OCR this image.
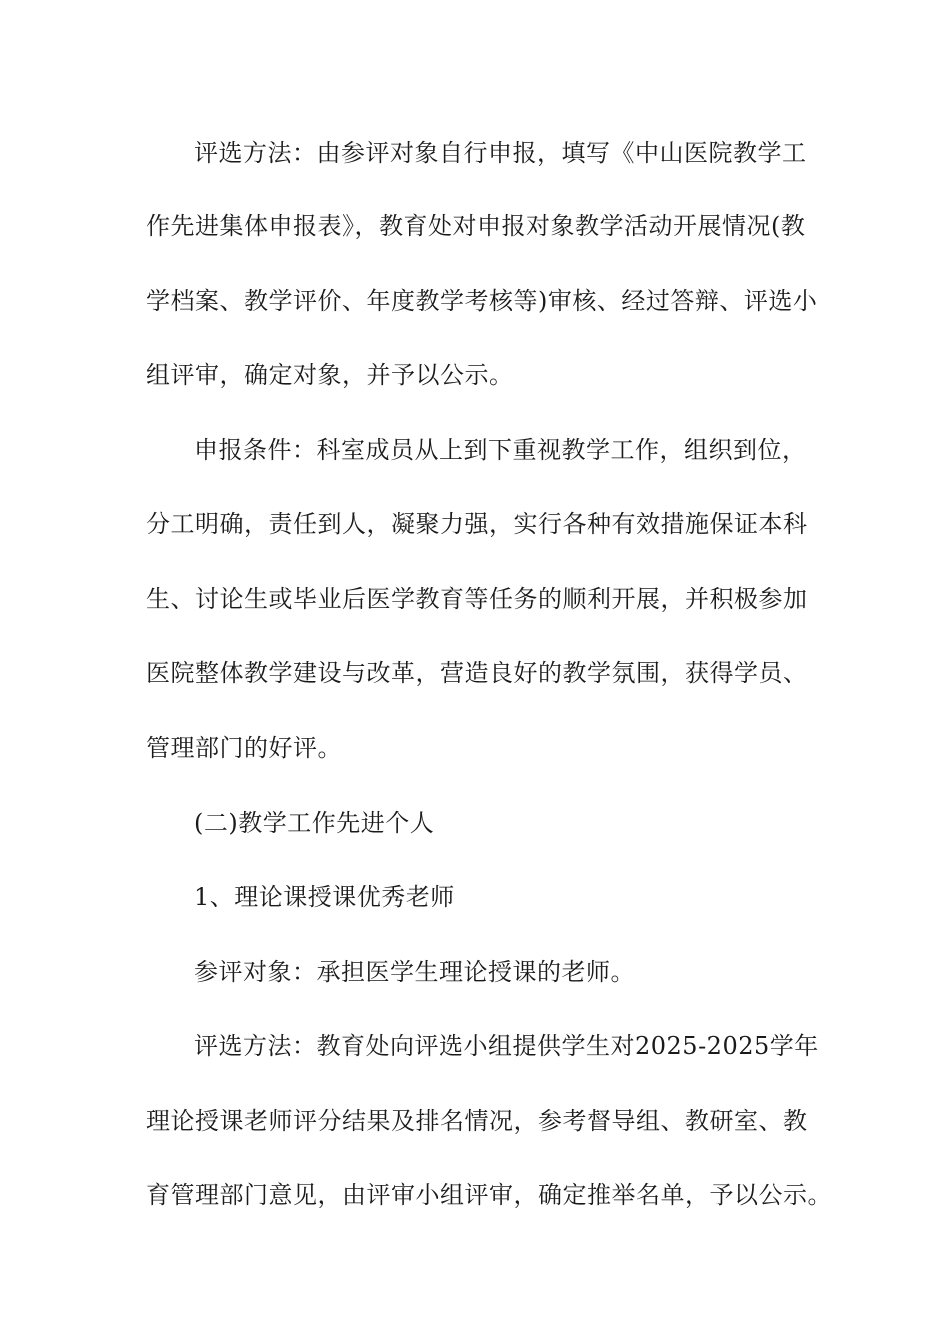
评选方法：由参评对象自行申报，填写《中山医院教学工
作先进集体申报表》，教育处对申报对象教学活动开展情况(教
学档案、教学评价、年度教学考核等)审核、经过答辩、评选小
组评审，确定对象，并予以公示。
申报条件：科室成员从上到下重视教学工作，组织到位，
分工明确，责任到人，凝聚力强，实行各种有效措施保证本科
生、讨论生或毕业后医学教育等任务的顺利开展，并积极参加
医院整体教学建设与改革，营造良好的教学氛围，获得学员、
管理部门的好评。
(二)教学工作先进个人
1、理论课授课优秀老师
参评对象：承担医学生理论授课的老师。
评选方法：教育处向评选小组提供学生对2025-2025学年
理论授课老师评分结果及排名情况，参考督导组、教研室、教
育管理部门意见，由评审小组评审，确定推举名单，予以公示。
